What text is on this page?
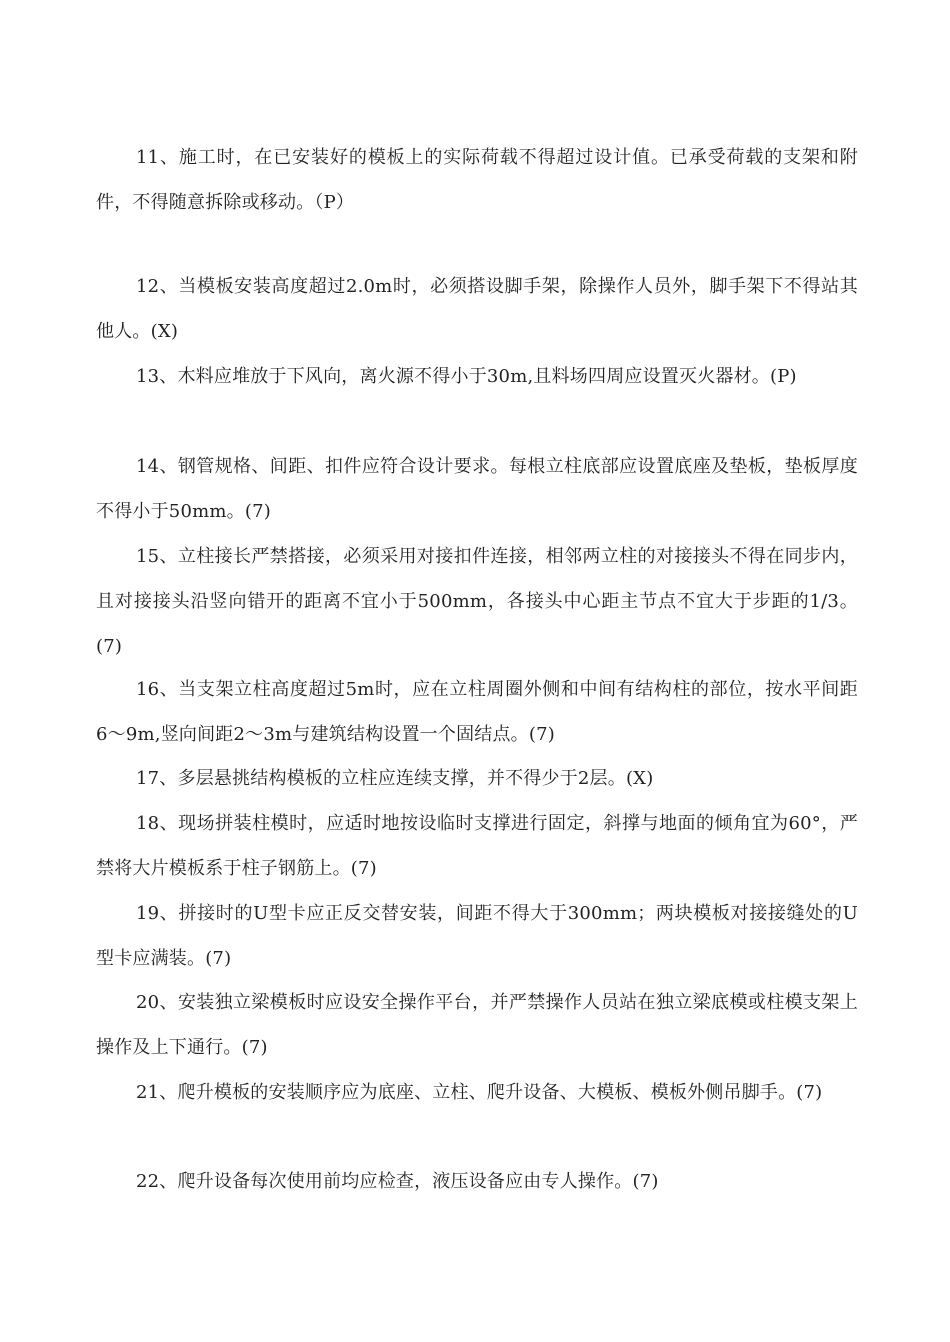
11、施工时，在已安装好的模板上的实际荷载不得超过设计值。已承受荷载的支架和附件，不得随意拆除或移动。（P）

12、当模板安装高度超过2.0m时，必须搭设脚手架，除操作人员外，脚手架下不得站其他人。(X)

13、木料应堆放于下风向，离火源不得小于30m,且料场四周应设置灭火器材。(P)

14、钢管规格、间距、扣件应符合设计要求。每根立柱底部应设置底座及垫板，垫板厚度不得小于50mm。(7)

15、立柱接长严禁搭接，必须采用对接扣件连接，相邻两立柱的对接接头不得在同步内，且对接接头沿竖向错开的距离不宜小于500mm，各接头中心距主节点不宜大于步距的1/3。(7)

16、当支架立柱高度超过5m时，应在立柱周圈外侧和中间有结构柱的部位，按水平间距6〜9m,竖向间距2〜3m与建筑结构设置一个固结点。(7)

17、多层悬挑结构模板的立柱应连续支撑，并不得少于2层。(X)

18、现场拼装柱模时，应适时地按设临时支撑进行固定，斜撑与地面的倾角宜为60°，严禁将大片模板系于柱子钢筋上。(7)

19、拼接时的U型卡应正反交替安装，间距不得大于300mm；两块模板对接接缝处的U型卡应满装。(7)

20、安装独立梁模板时应设安全操作平台，并严禁操作人员站在独立梁底模或柱模支架上操作及上下通行。(7)

21、爬升模板的安装顺序应为底座、立柱、爬升设备、大模板、模板外侧吊脚手。(7)

22、爬升设备每次使用前均应检查，液压设备应由专人操作。(7)
